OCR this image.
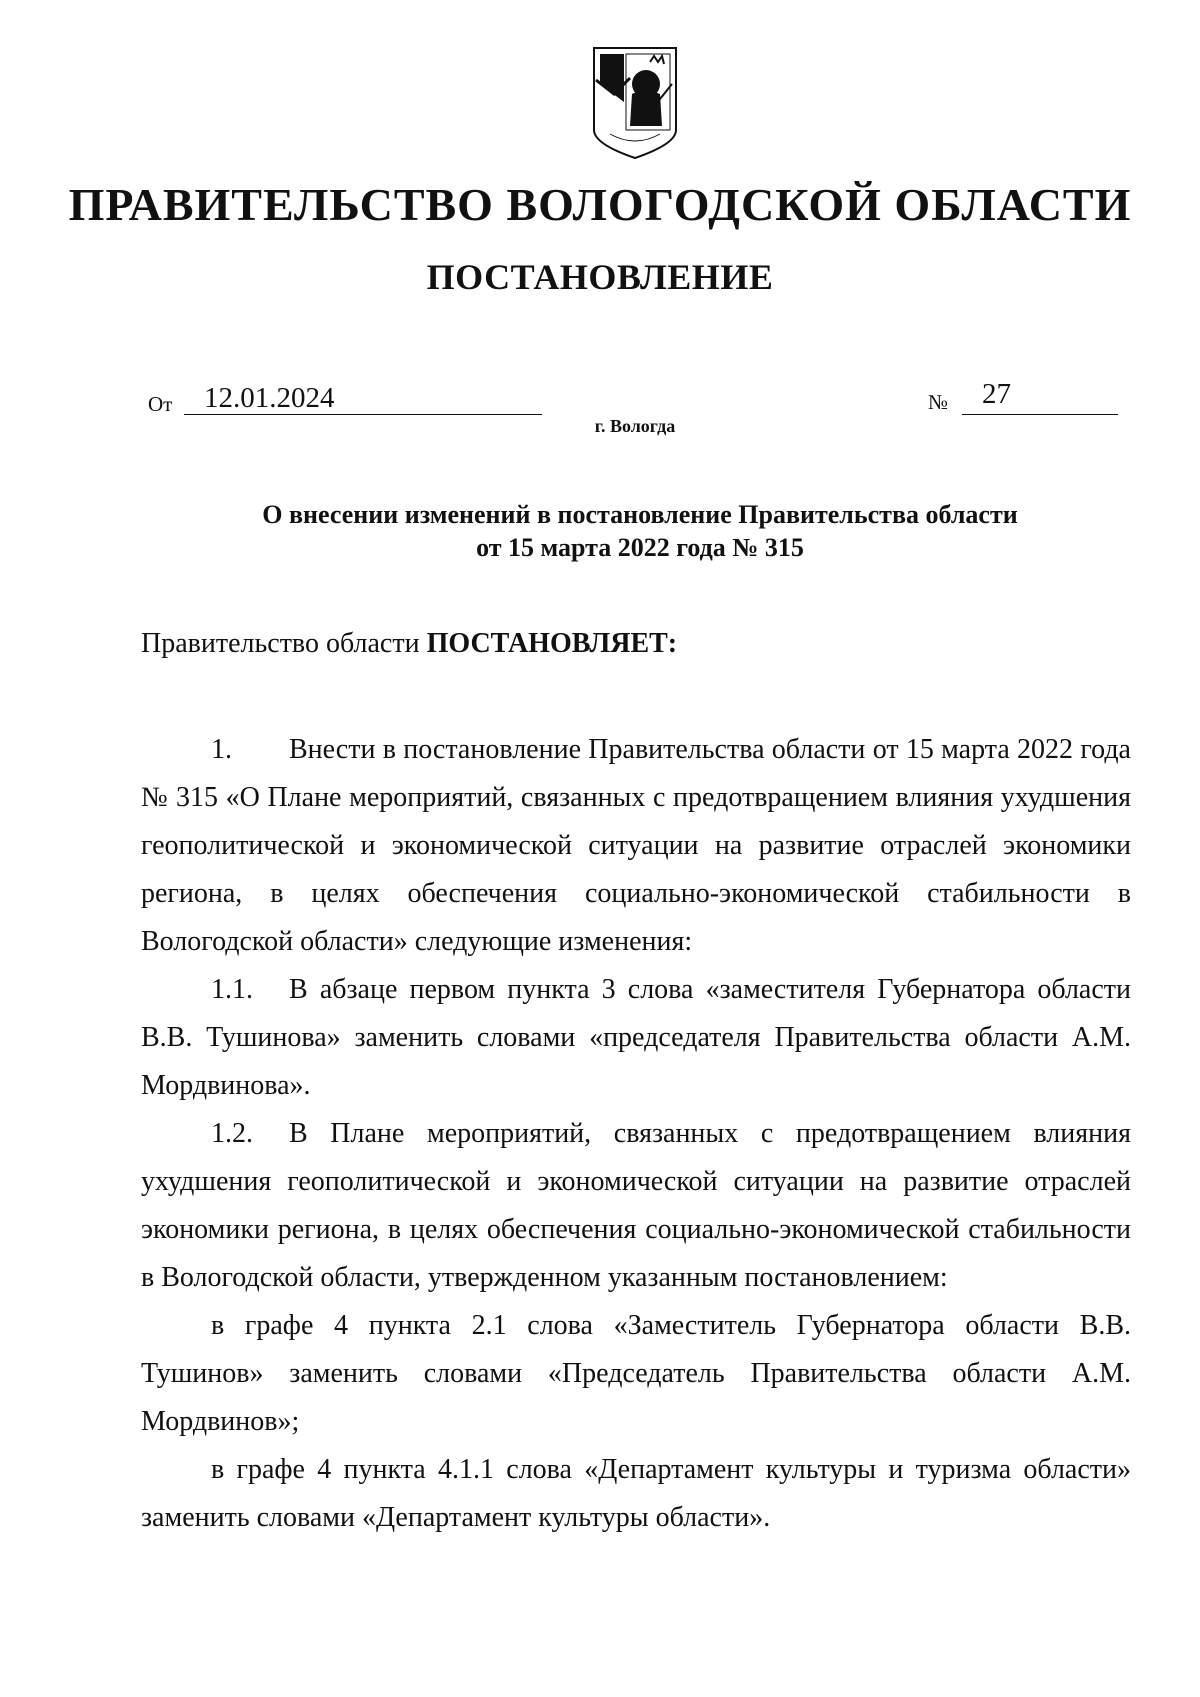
ПРАВИТЕЛЬСТВО ВОЛОГОДСКОЙ ОБЛАСТИ
ПОСТАНОВЛЕНИЕ
От 12.01.2024	№ 27
г. Вологда
О внесении изменений в постановление Правительства области
от 15 марта 2022 года № 315
Правительство области ПОСТАНОВЛЯЕТ:

1. Внести в постановление Правительства области от 15 марта 2022 года № 315 «О Плане мероприятий, связанных с предотвращением влияния ухудшения геополитической и экономической ситуации на развитие отраслей экономики региона, в целях обеспечения социально-экономической стабильности в Вологодской области» следующие изменения:

1.1. В абзаце первом пункта 3 слова «заместителя Губернатора области В.В. Тушинова» заменить словами «председателя Правительства области А.М. Мордвинова».

1.2. В Плане мероприятий, связанных с предотвращением влияния ухудшения геополитической и экономической ситуации на развитие отраслей экономики региона, в целях обеспечения социально-экономической стабильности в Вологодской области, утвержденном указанным постановлением:

в графе 4 пункта 2.1 слова «Заместитель Губернатора области В.В. Тушинов» заменить словами «Председатель Правительства области А.М. Мордвинов»;

в графе 4 пункта 4.1.1 слова «Департамент культуры и туризма области» заменить словами «Департамент культуры области».
